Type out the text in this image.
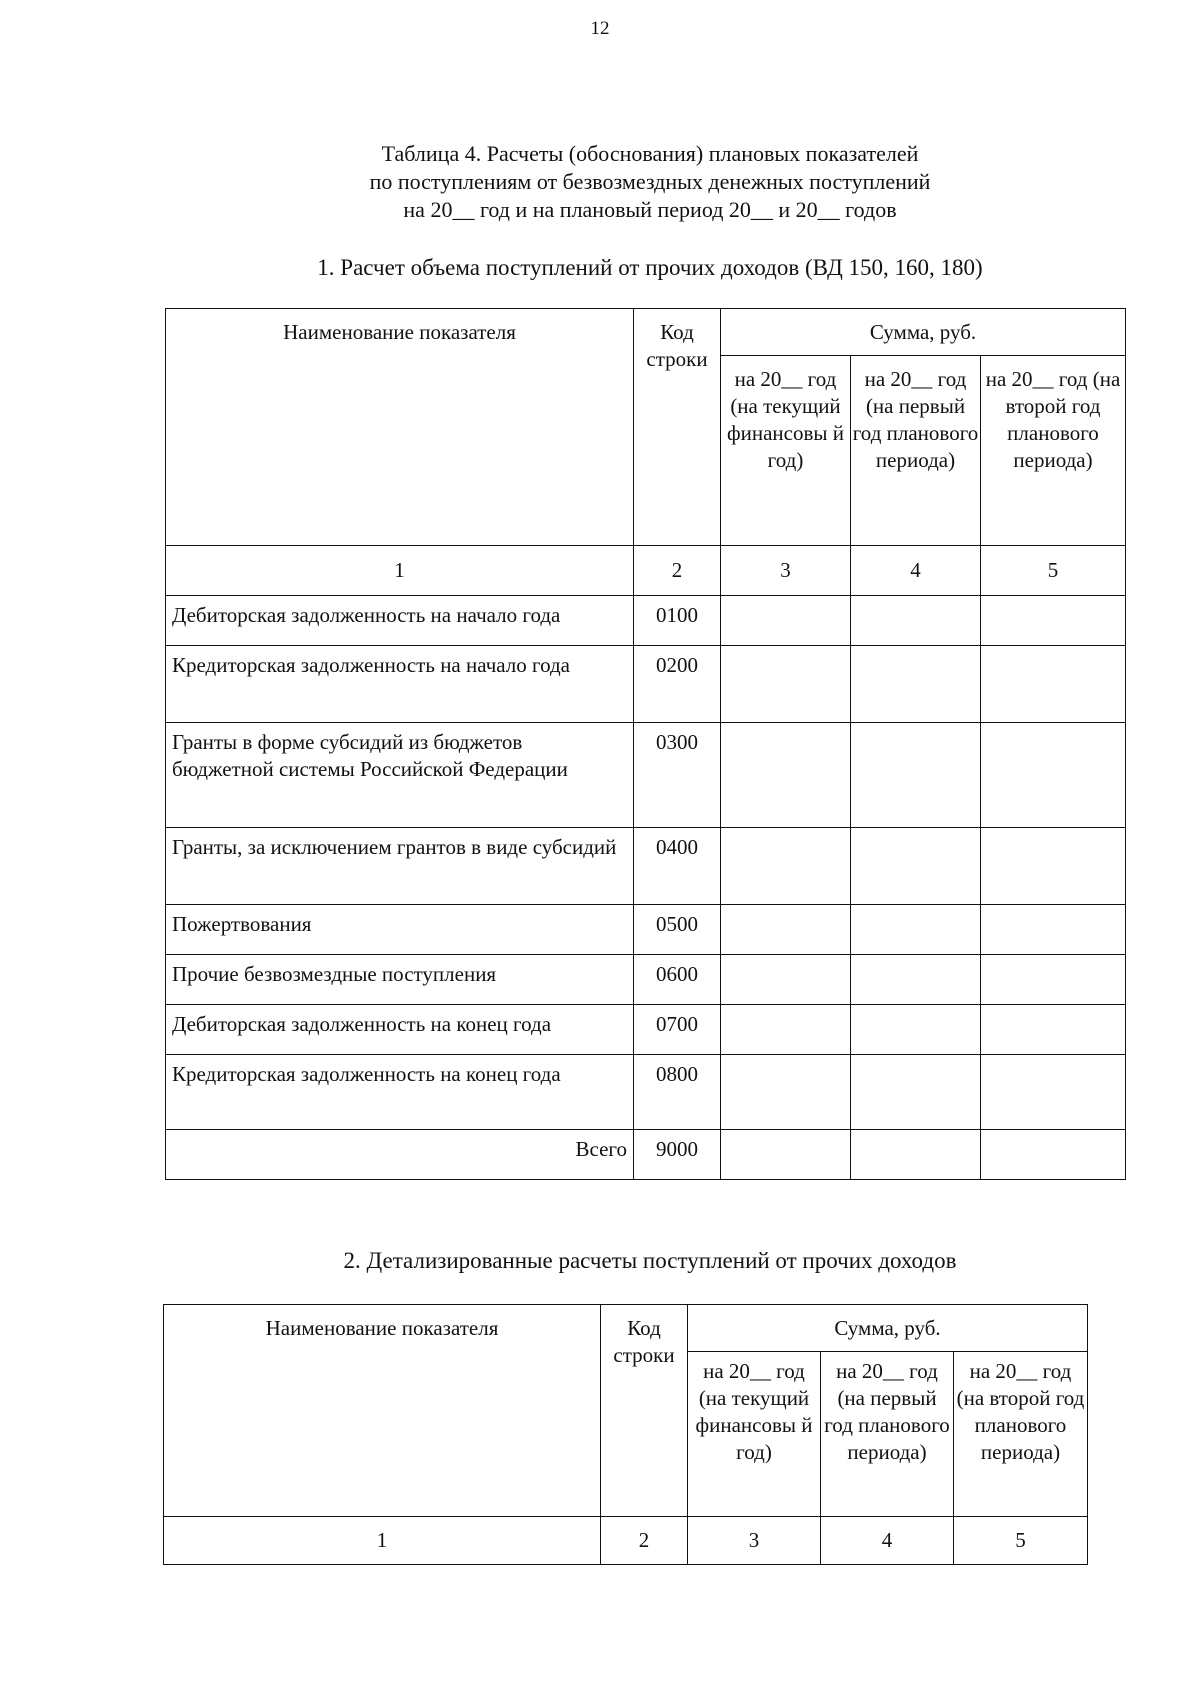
12
Таблица 4. Расчеты (обоснования) плановых показателей
по поступлениям от безвозмездных денежных поступлений
на 20__ год и на плановый период 20__ и 20__ годов
1. Расчет объема поступлений от прочих доходов (ВД 150, 160, 180)
Наименование показателя	Код строки	Сумма, руб.		
		на 20__ год (на текущий финансовы й год)	на 20__ год (на первый год планового периода)	на 20__ год (на второй год планового периода)
1	2	3	4	5
Дебиторская задолженность на начало года	0100			
Кредиторская задолженность на начало года	0200			
Гранты в форме субсидий из бюджетов бюджетной системы Российской Федерации	0300			
Гранты, за исключением грантов в виде субсидий	0400			
Пожертвования	0500			
Прочие безвозмездные поступления	0600			
Дебиторская задолженность на конец года	0700			
Кредиторская задолженность на конец года	0800			
Всего	9000			
2. Детализированные расчеты поступлений от прочих доходов
Наименование показателя	Код строки	Сумма, руб.		
		на 20__ год (на текущий финансовы й год)	на 20__ год (на первый год планового периода)	на 20__ год (на второй год планового периода)
1	2	3	4	5
